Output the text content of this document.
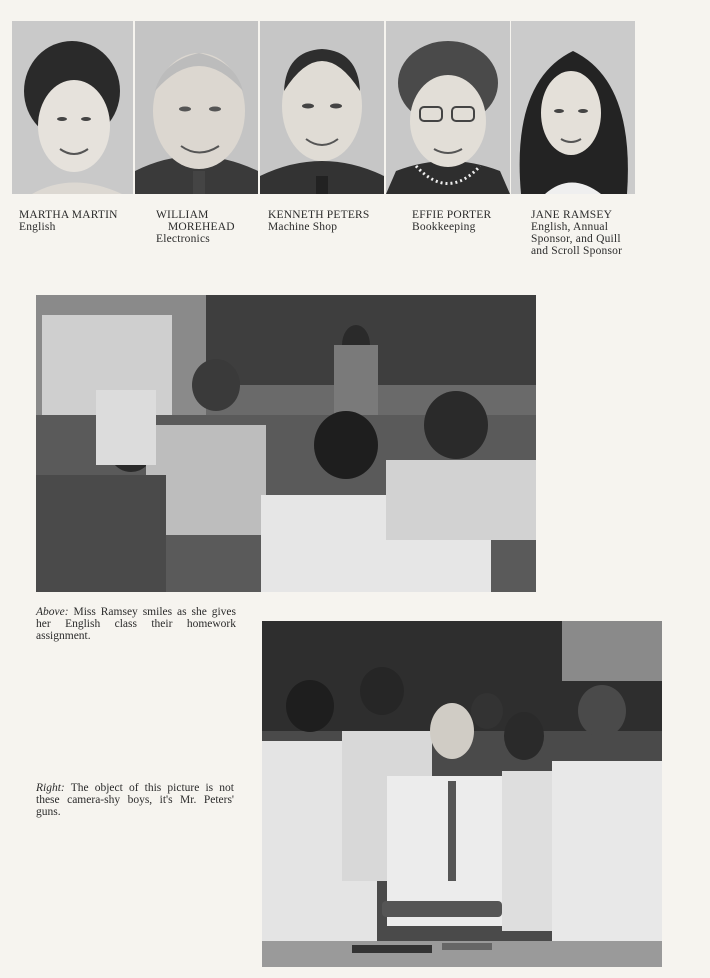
MARTHA MARTIN
English
WILLIAM
MOREHEAD
Electronics
KENNETH PETERS
Machine Shop
EFFIE PORTER
Bookkeeping
JANE RAMSEY
English, Annual
Sponsor, and Quill
and Scroll Sponsor
Above: Miss Ramsey smiles as she gives her English class their homework assignment.
Right: The object of this picture is not these camera-shy boys, it's Mr. Peters' guns.
